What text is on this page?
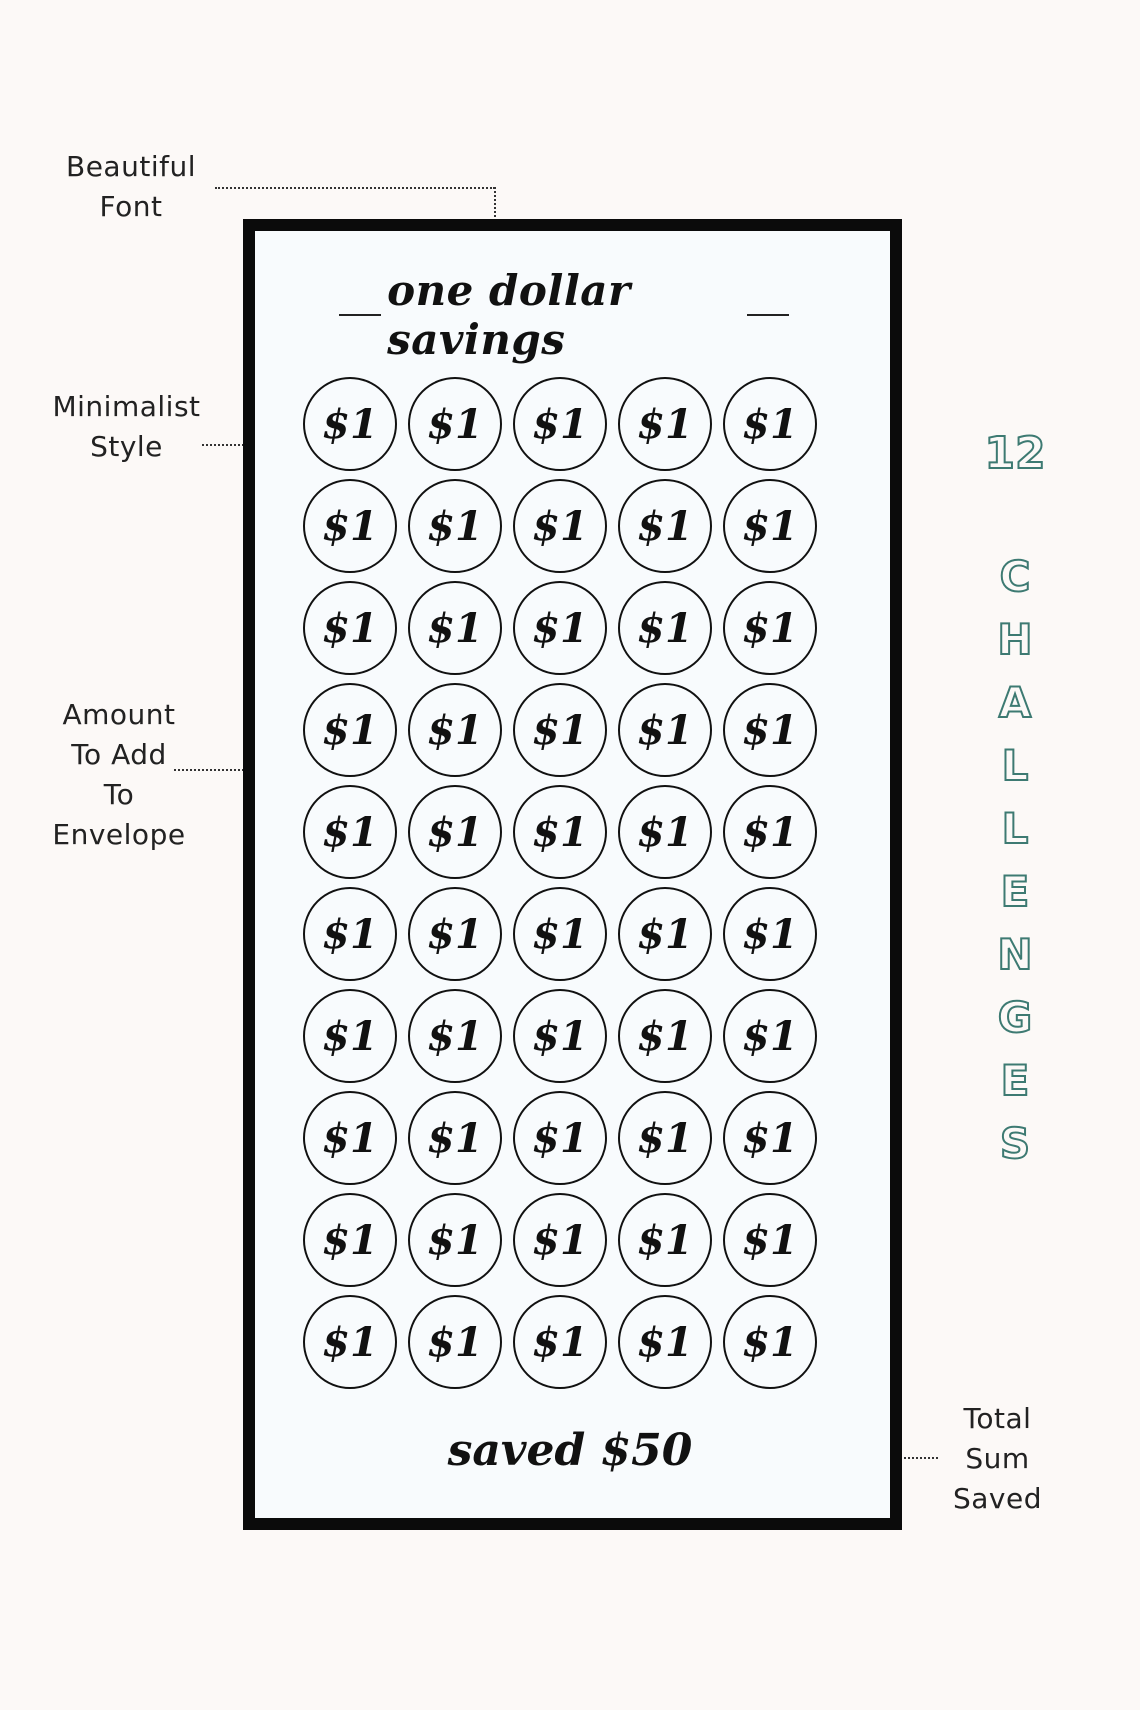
Beautiful
Font
Minimalist
Style
Amount
To Add
To
Envelope
Total
Sum
Saved
one dollar savings
$1	$1	$1	$1	$1
$1	$1	$1	$1	$1
$1	$1	$1	$1	$1
$1	$1	$1	$1	$1
$1	$1	$1	$1	$1
$1	$1	$1	$1	$1
$1	$1	$1	$1	$1
$1	$1	$1	$1	$1
$1	$1	$1	$1	$1
$1	$1	$1	$1	$1
saved $50
12
C
H
A
L
L
E
N
G
E
S
